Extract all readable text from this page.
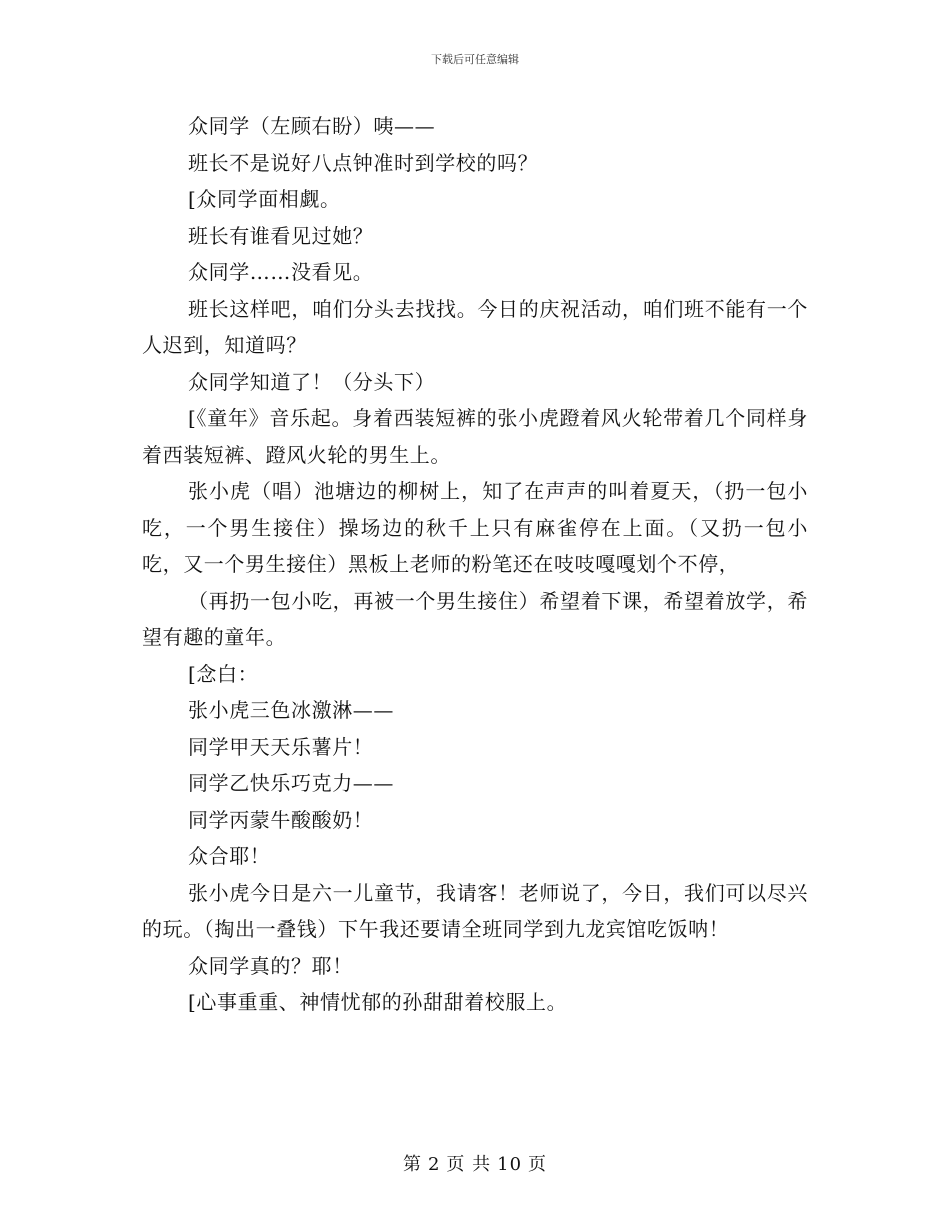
下载后可任意编辑

众同学（左顾右盼）咦——

班长不是说好八点钟准时到学校的吗？

[众同学面相觑。

班长有谁看见过她？

众同学……没看见。

班长这样吧，咱们分头去找找。今日的庆祝活动，咱们班不能有一个人迟到，知道吗？

众同学知道了！（分头下）

[《童年》音乐起。身着西装短裤的张小虎蹬着风火轮带着几个同样身着西装短裤、蹬风火轮的男生上。

张小虎（唱）池塘边的柳树上，知了在声声的叫着夏天，（扔一包小吃，一个男生接住）操场边的秋千上只有麻雀停在上面。（又扔一包小吃，又一个男生接住）黑板上老师的粉笔还在吱吱嘎嘎划个不停，

（再扔一包小吃，再被一个男生接住）希望着下课，希望着放学，希望有趣的童年。

[念白：

张小虎三色冰激淋——

同学甲天天乐薯片！

同学乙快乐巧克力——

同学丙蒙牛酸酸奶！

众合耶！

张小虎今日是六一儿童节，我请客！老师说了，今日，我们可以尽兴的玩。（掏出一叠钱）下午我还要请全班同学到九龙宾馆吃饭呐！

众同学真的？耶！

[心事重重、神情忧郁的孙甜甜着校服上。

第 2 页 共 10 页
